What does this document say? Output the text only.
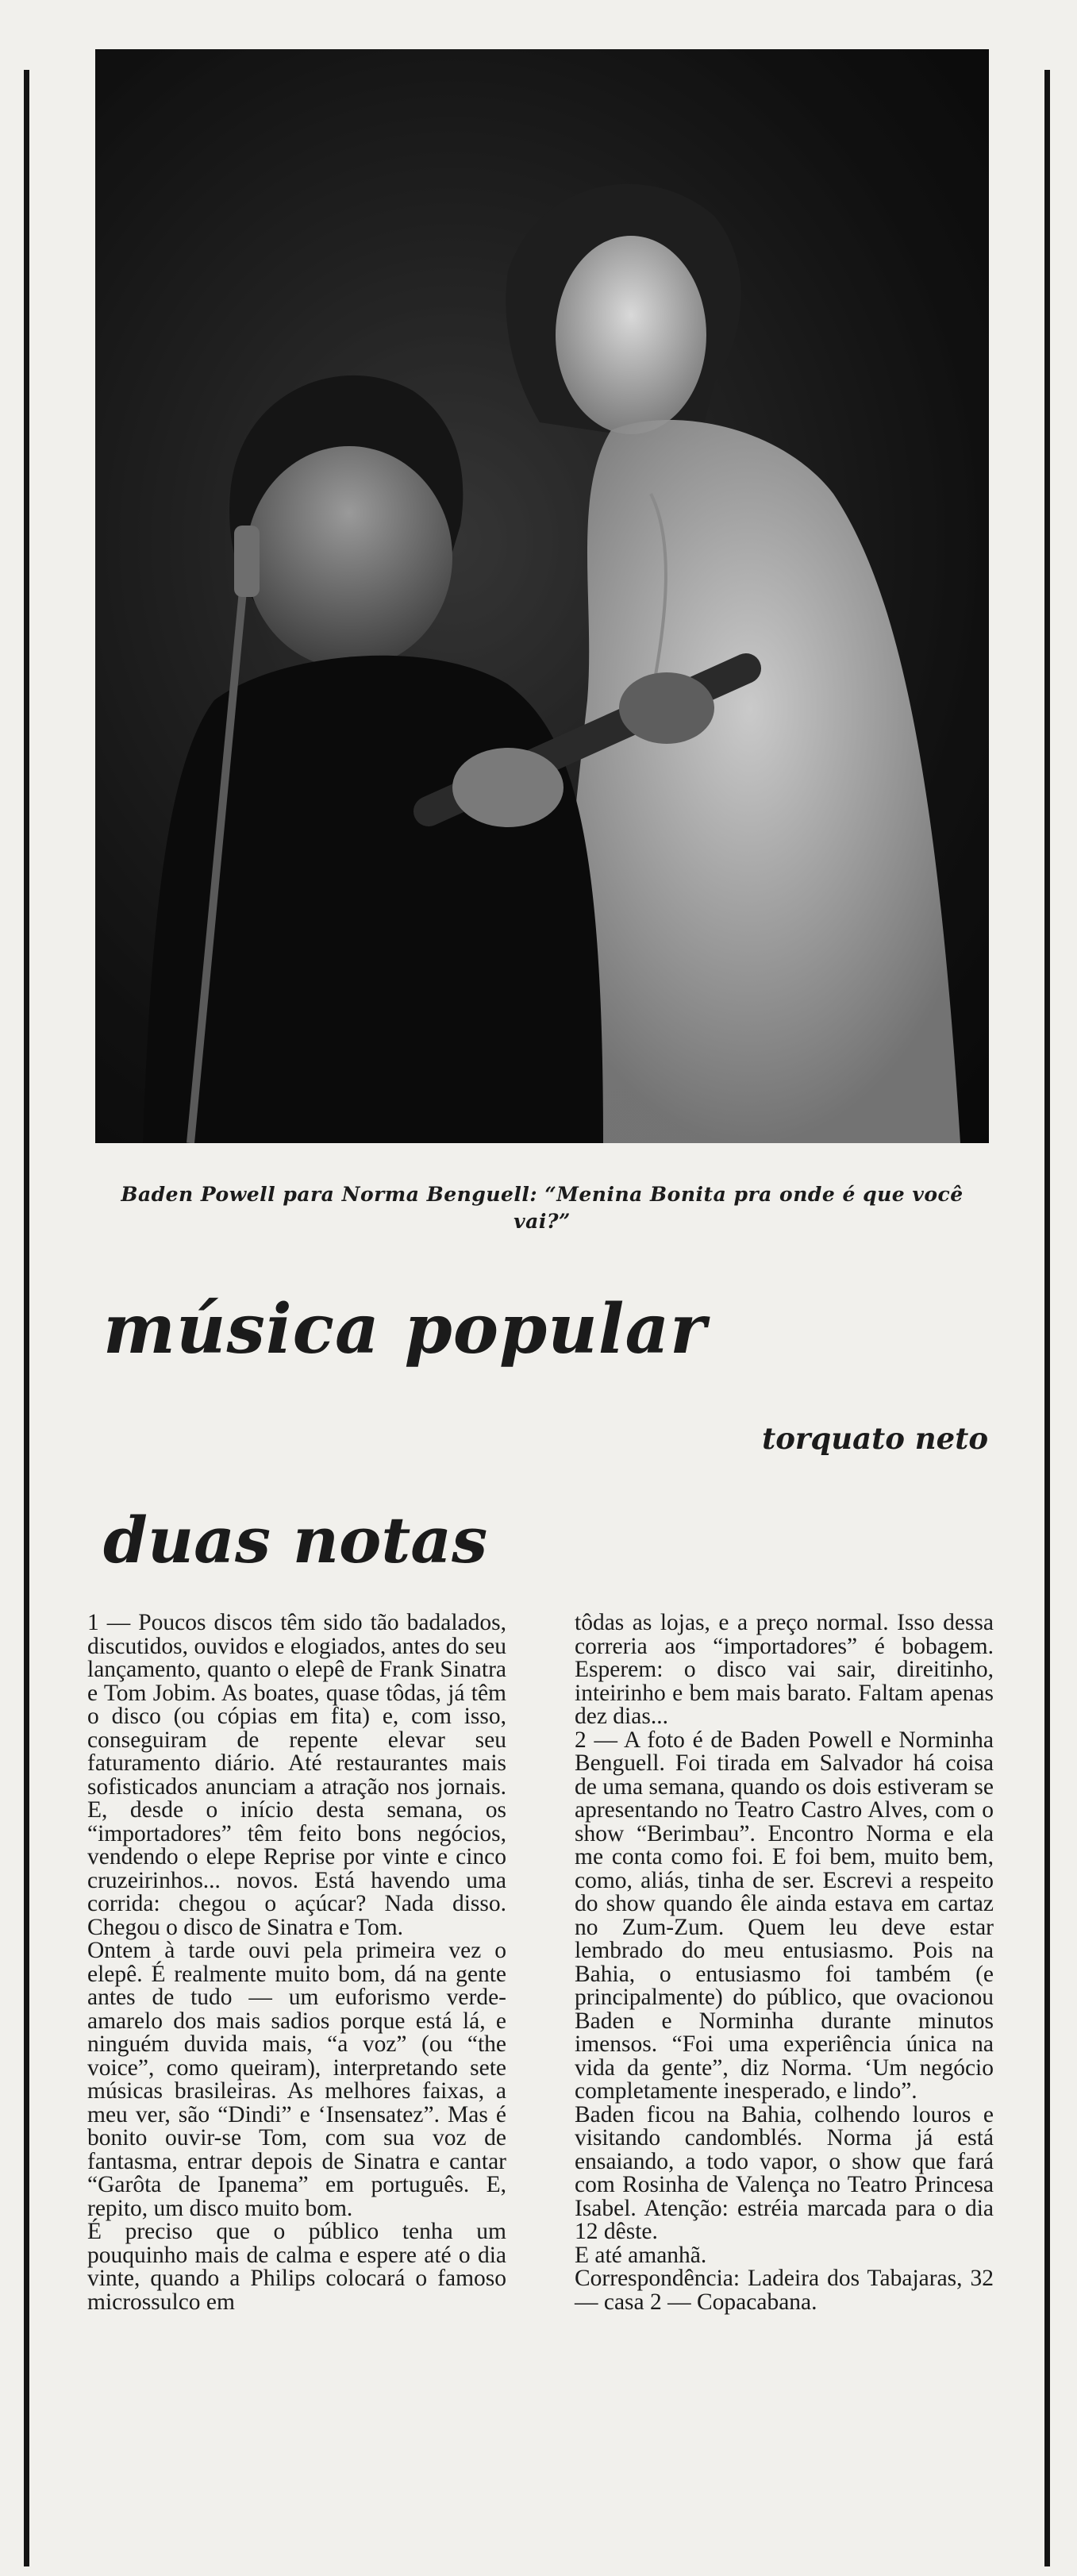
Baden Powell para Norma Benguell: “Menina Bonita pra onde é que você vai?”
música popular
torquato neto
duas notas

1 — Poucos discos têm sido tão badalados, discutidos, ouvidos e elogiados, antes do seu lançamento, quanto o elepê de Frank Sinatra e Tom Jobim. As boates, quase tôdas, já têm o disco (ou cópias em fita) e, com isso, conseguiram de repente elevar seu faturamento diário. Até restaurantes mais sofisticados anunciam a atração nos jornais. E, desde o início desta semana, os “importadores” têm feito bons negócios, vendendo o elepe Reprise por vinte e cinco cruzeirinhos... novos. Está havendo uma corrida: chegou o açúcar? Nada disso. Chegou o disco de Sinatra e Tom.

Ontem à tarde ouvi pela primeira vez o elepê. É realmente muito bom, dá na gente antes de tudo — um euforismo verde-amarelo dos mais sadios porque está lá, e ninguém duvida mais, “a voz” (ou “the voice”, como queiram), interpretando sete músicas brasileiras. As melhores faixas, a meu ver, são “Dindi” e ‘Insensatez”. Mas é bonito ouvir-se Tom, com sua voz de fantasma, entrar depois de Sinatra e cantar “Garôta de Ipanema” em português. E, repito, um disco muito bom.

É preciso que o público tenha um pouquinho mais de calma e espere até o dia vinte, quando a Philips colocará o famoso microssulco em

tôdas as lojas, e a preço normal. Isso dessa correria aos “importadores” é bobagem. Esperem: o disco vai sair, direitinho, inteirinho e bem mais barato. Faltam apenas dez dias...

2 — A foto é de Baden Powell e Norminha Benguell. Foi tirada em Salvador há coisa de uma semana, quando os dois estiveram se apresentando no Teatro Castro Alves, com o show “Berimbau”. Encontro Norma e ela me conta como foi. E foi bem, muito bem, como, aliás, tinha de ser. Escrevi a respeito do show quando êle ainda estava em cartaz no Zum-Zum. Quem leu deve estar lembrado do meu entusiasmo. Pois na Bahia, o entusiasmo foi também (e principalmente) do público, que ovacionou Baden e Norminha durante minutos imensos. “Foi uma experiência única na vida da gente”, diz Norma. ‘Um negócio completamente inesperado, e lindo”.

Baden ficou na Bahia, colhendo louros e visitando candomblés. Norma já está ensaiando, a todo vapor, o show que fará com Rosinha de Valença no Teatro Princesa Isabel. Atenção: estréia marcada para o dia 12 dêste.

E até amanhã.

Correspondência: Ladeira dos Tabajaras, 32 — casa 2 — Copacabana.
